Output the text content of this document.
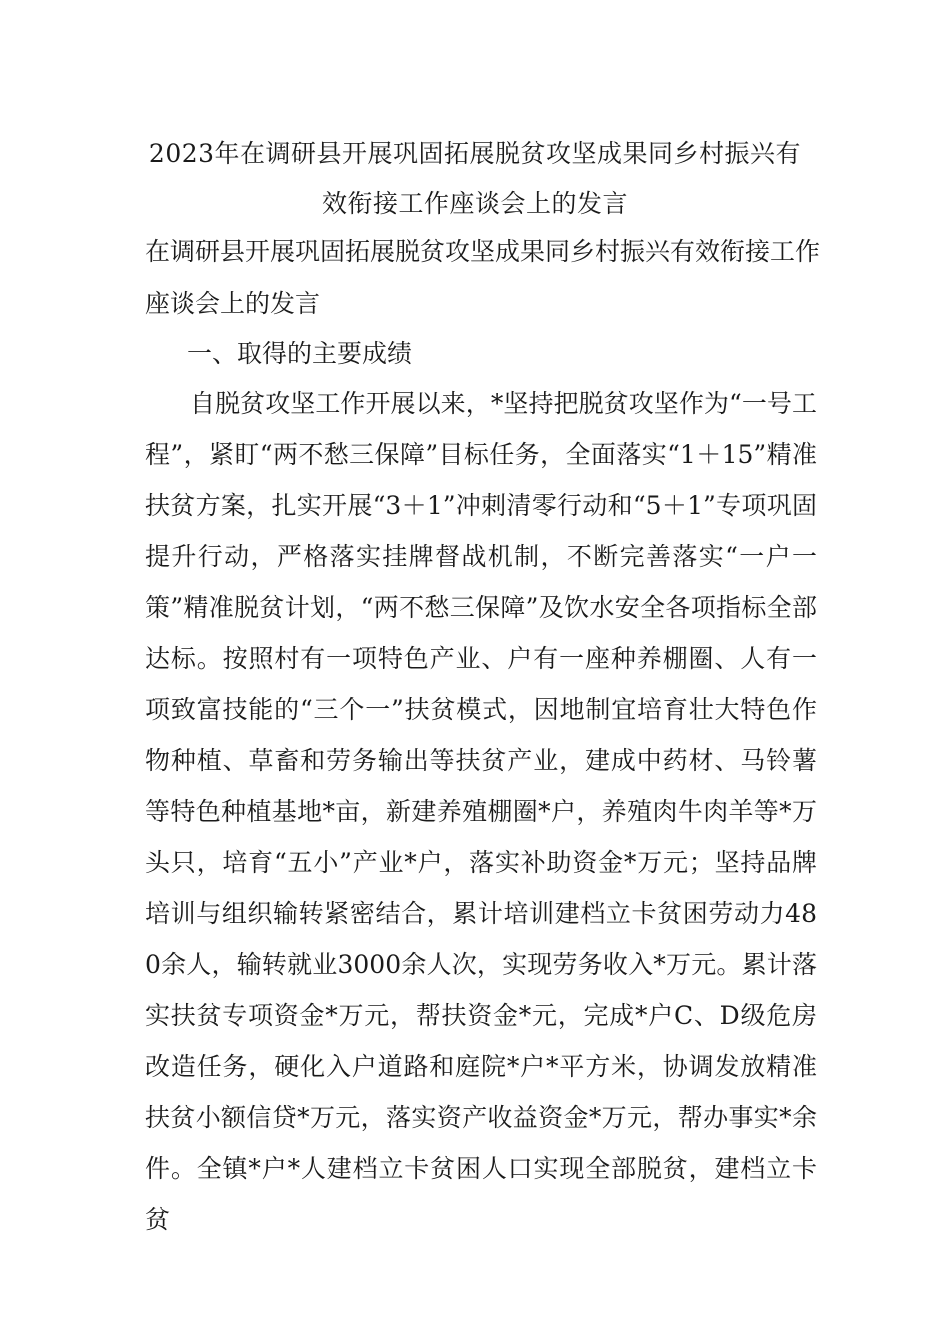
2023年在调研县开展巩固拓展脱贫攻坚成果同乡村振兴有
效衔接工作座谈会上的发言

在调研县开展巩固拓展脱贫攻坚成果同乡村振兴有效衔接工作座谈会上的发言

一、取得的主要成绩

自脱贫攻坚工作开展以来，*坚持把脱贫攻坚作为“一号工程”，紧盯“两不愁三保障”目标任务，全面落实“1＋15”精准扶贫方案，扎实开展“3＋1”冲刺清零行动和“5＋1”专项巩固提升行动，严格落实挂牌督战机制，不断完善落实“一户一策”精准脱贫计划，“两不愁三保障”及饮水安全各项指标全部达标。按照村有一项特色产业、户有一座种养棚圈、人有一项致富技能的“三个一”扶贫模式，因地制宜培育壮大特色作物种植、草畜和劳务输出等扶贫产业，建成中药材、马铃薯等特色种植基地*亩，新建养殖棚圈*户，养殖肉牛肉羊等*万头只，培育“五小”产业*户，落实补助资金*万元；坚持品牌培训与组织输转紧密结合，累计培训建档立卡贫困劳动力480余人，输转就业3000余人次，实现劳务收入*万元。累计落实扶贫专项资金*万元，帮扶资金*元，完成*户C、D级危房改造任务，硬化入户道路和庭院*户*平方米，协调发放精准扶贫小额信贷*万元，落实资产收益资金*万元，帮办事实*余件。全镇*户*人建档立卡贫困人口实现全部脱贫，建档立卡贫
